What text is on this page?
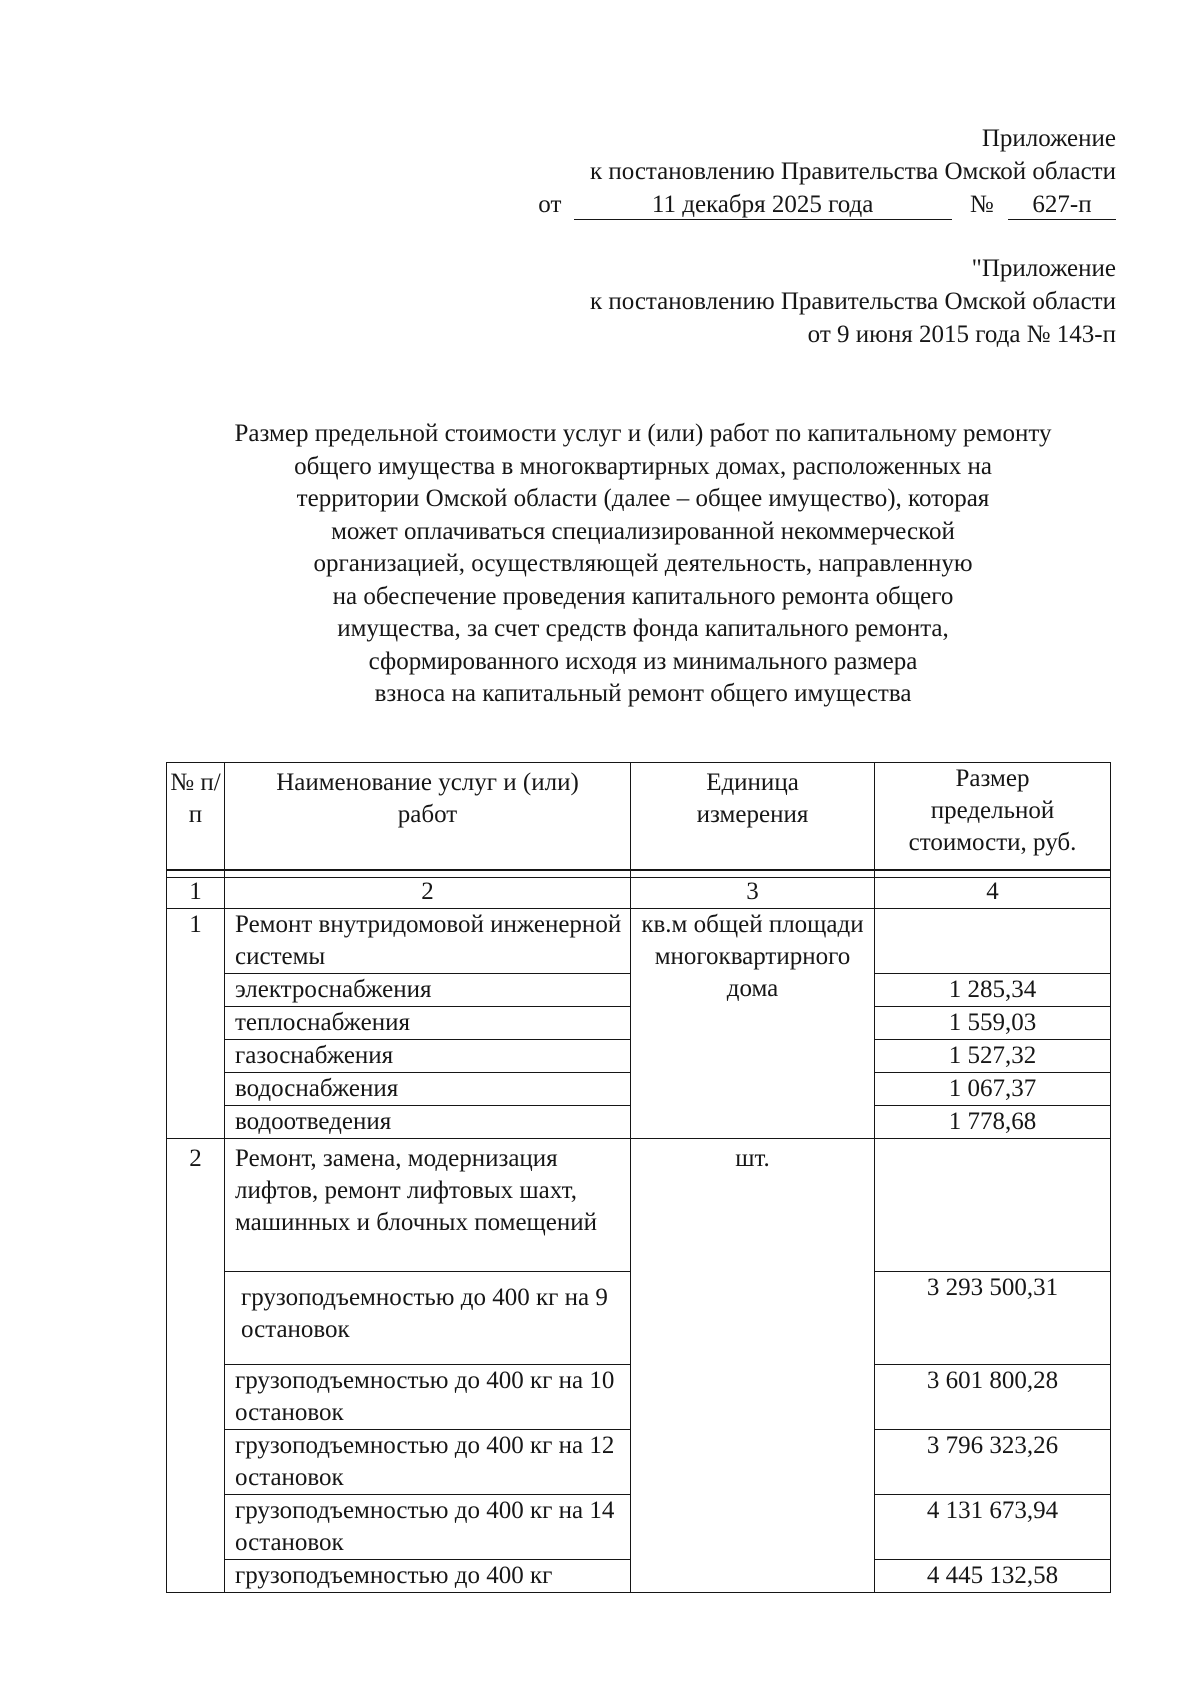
Приложение
к постановлению Правительства Омской области
от	11 декабря 2025 года	№ 627-п
"Приложение
к постановлению Правительства Омской области
от 9 июня 2015 года № 143-п
Размер предельной стоимости услуг и (или) работ по капитальному ремонту
общего имущества в многоквартирных домах, расположенных на
территории Омской области (далее – общее имущество), которая
может оплачиваться специализированной некоммерческой
организацией, осуществляющей деятельность, направленную
на обеспечение проведения капитального ремонта общего
имущества, за счет средств фонда капитального ремонта,
сформированного исходя из минимального размера
взноса на капитальный ремонт общего имущества
№ п/п	Наименование услуг и (или) работ	Единица измерения	Размер предельной стоимости, руб.

1	2	3	4
1	Ремонт внутридомовой инженерной системы	кв.м общей площади многоквартирного дома	
	электроснабжения		1 285,34
	теплоснабжения		1 559,03
	газоснабжения		1 527,32
	водоснабжения		1 067,37
	водоотведения		1 778,68
2	Ремонт, замена, модернизация лифтов, ремонт лифтовых шахт, машинных и блочных помещений	шт.	
	грузоподъемностью до 400 кг на 9 остановок		3 293 500,31
	грузоподъемностью до 400 кг на 10 остановок		3 601 800,28
	грузоподъемностью до 400 кг на 12 остановок		3 796 323,26
	грузоподъемностью до 400 кг на 14 остановок		4 131 673,94
	грузоподъемностью до 400 кг		4 445 132,58
